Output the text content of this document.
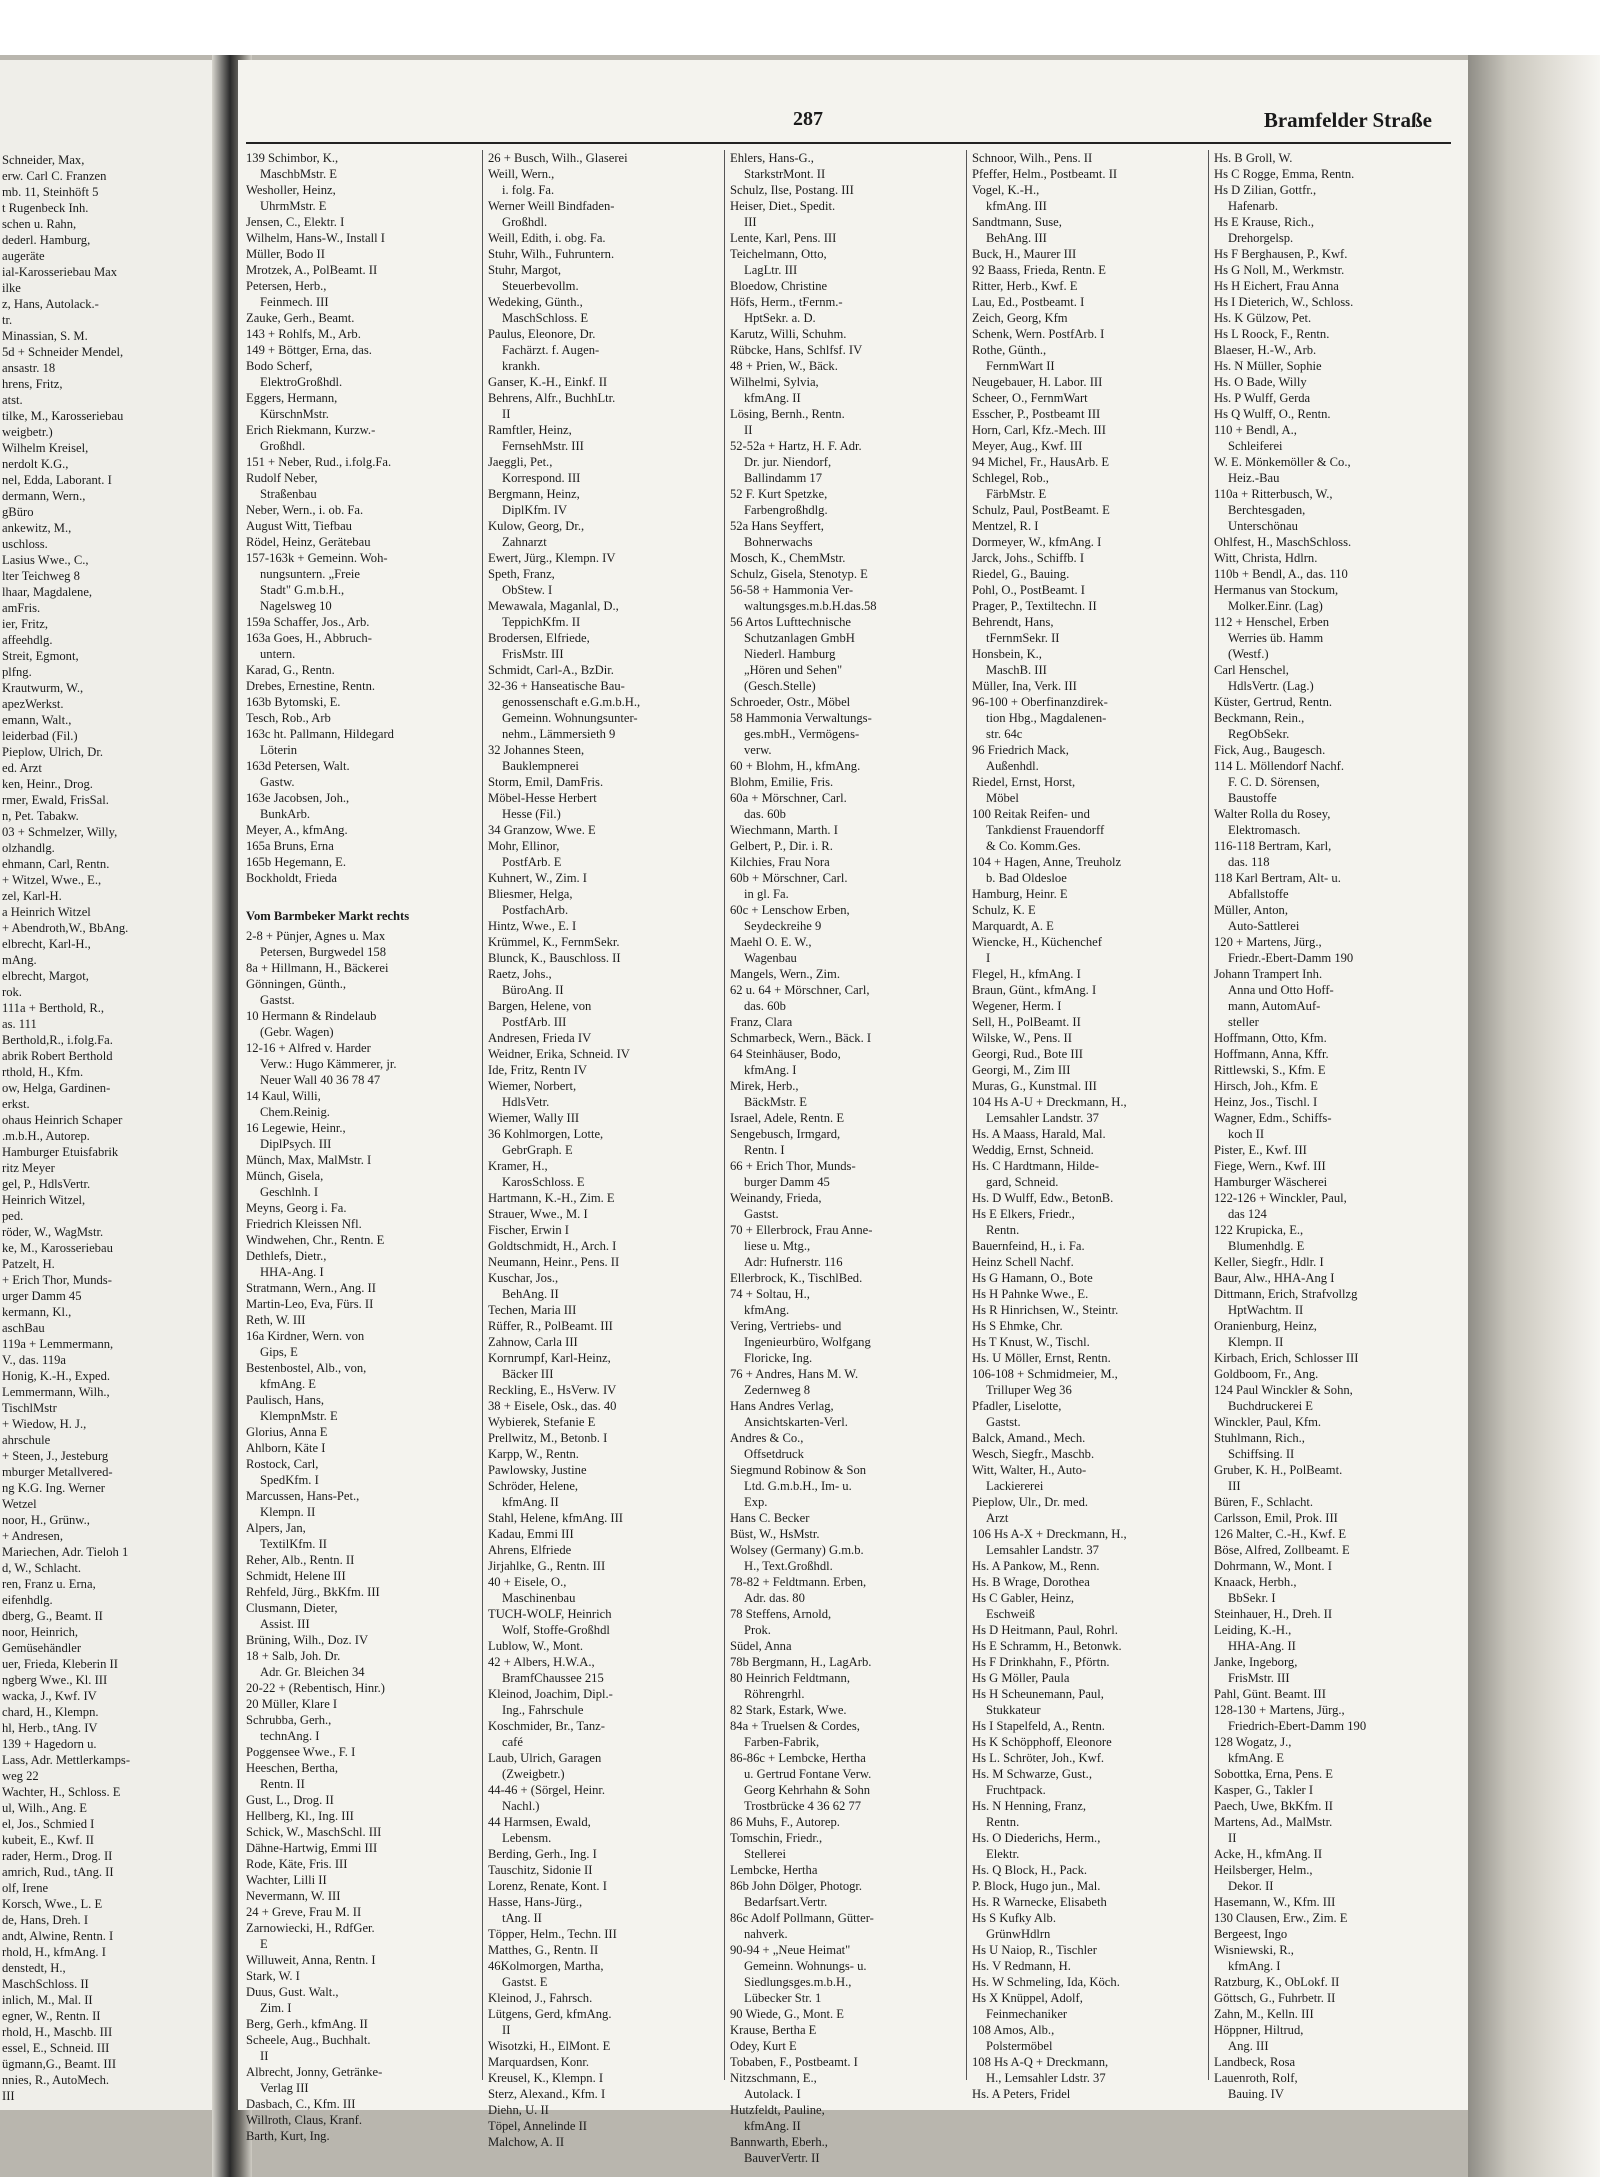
Schneider, Max,
erw. Carl C. Franzen
mb. 11, Steinhöft 5
t Rugenbeck Inh.
schen u. Rahn,
dederl. Hamburg,
augeräte
ial-Karosseriebau Max
ilke
z, Hans, Autolack.-
tr.
Minassian, S. M.
5d + Schneider Mendel,
ansastr. 18
hrens, Fritz,
atst.
tilke, M., Karosseriebau
weigbetr.)
Wilhelm Kreisel,
nerdolt K.G.,
nel, Edda, Laborant. I
dermann, Wern.,
gBüro
ankewitz, M.,
uschloss.
Lasius Wwe., C.,
lter Teichweg 8
lhaar, Magdalene,
amFris.
ier, Fritz,
affeehdlg.
Streit, Egmont,
plfng.
Krautwurm, W.,
apezWerkst.
emann, Walt.,
leiderbad (Fil.)
Pieplow, Ulrich, Dr.
ed. Arzt
ken, Heinr., Drog.
rmer, Ewald, FrisSal.
n, Pet. Tabakw.
03 + Schmelzer, Willy,
olzhandlg.
ehmann, Carl, Rentn.
+ Witzel, Wwe., E.,
zel, Karl-H.
a Heinrich Witzel
+ Abendroth,W., BbAng.
elbrecht, Karl-H.,
mAng.
elbrecht, Margot,
rok.
111a + Berthold, R.,
as. 111
Berthold,R., i.folg.Fa.
abrik Robert Berthold
rthold, H., Kfm.
ow, Helga, Gardinen-
erkst.
ohaus Heinrich Schaper
.m.b.H., Autorep.
Hamburger Etuisfabrik
ritz Meyer
gel, P., HdlsVertr.
Heinrich Witzel,
ped.
röder, W., WagMstr.
ke, M., Karosseriebau
Patzelt, H.
+ Erich Thor, Munds-
urger Damm 45
kermann, Kl.,
aschBau
119a + Lemmermann,
V., das. 119a
Honig, K.-H., Exped.
Lemmermann, Wilh.,
TischlMstr
+ Wiedow, H. J.,
ahrschule
+ Steen, J., Jesteburg
mburger Metallvered-
ng K.G. Ing. Werner
Wetzel
noor, H., Grünw.,
+ Andresen,
Mariechen, Adr. Tieloh 1
d, W., Schlacht.
ren, Franz u. Erna,
eifenhdlg.
dberg, G., Beamt. II
noor, Heinrich,
Gemüsehändler
uer, Frieda, Kleberin II
ngberg Wwe., Kl. III
wacka, J., Kwf. IV
chard, H., Klempn.
hl, Herb., tAng. IV
139 + Hagedorn u.
Lass, Adr. Mettlerkamps-
weg 22
Wachter, H., Schloss. E
ul, Wilh., Ang. E
el, Jos., Schmied I
kubeit, E., Kwf. II
rader, Herm., Drog. II
amrich, Rud., tAng. II
olf, Irene
Korsch, Wwe., L. E
de, Hans, Dreh. I
andt, Alwine, Rentn. I
rhold, H., kfmAng. I
denstedt, H.,
MaschSchloss. II
inlich, M., Mal. II
egner, W., Rentn. II
rhold, H., Maschb. III
essel, E., Schneid. III
ügmann,G., Beamt. III
nnies, R., AutoMech.
III
287	Bramfelder Straße
139 Schimbor, K.,
MaschbMstr. E
Wesholler, Heinz,
UhrmMstr. E
Jensen, C., Elektr. I
Wilhelm, Hans-W., Install I
Müller, Bodo II
Mrotzek, A., PolBeamt. II
Petersen, Herb.,
Feinmech. III
Zauke, Gerh., Beamt.
143 + Rohlfs, M., Arb.
149 + Böttger, Erna, das.
Bodo Scherf,
ElektroGroßhdl.
Eggers, Hermann,
KürschnMstr.
Erich Riekmann, Kurzw.-
Großhdl.
151 + Neber, Rud., i.folg.Fa.
Rudolf Neber,
Straßenbau
Neber, Wern., i. ob. Fa.
August Witt, Tiefbau
Rödel, Heinz, Gerätebau
157-163k + Gemeinn. Woh-
nungsuntern. „Freie
Stadt" G.m.b.H.,
Nagelsweg 10
159a Schaffer, Jos., Arb.
163a Goes, H., Abbruch-
untern.
Karad, G., Rentn.
Drebes, Ernestine, Rentn.
163b Bytomski, E.
Tesch, Rob., Arb
163c ht. Pallmann, Hildegard
Löterin
163d Petersen, Walt.
Gastw.
163e Jacobsen, Joh.,
BunkArb.
Meyer, A., kfmAng.
165a Bruns, Erna
165b Hegemann, E.
Bockholdt, Frieda

Vom Barmbeker Markt rechts
2-8 + Pünjer, Agnes u. Max
Petersen, Burgwedel 158
8a + Hillmann, H., Bäckerei
Gönningen, Günth.,
Gastst.
10 Hermann & Rindelaub
(Gebr. Wagen)
12-16 + Alfred v. Harder
Verw.: Hugo Kämmerer, jr.
Neuer Wall 40 36 78 47
14 Kaul, Willi,
Chem.Reinig.
16 Legewie, Heinr.,
DiplPsych. III
Münch, Max, MalMstr. I
Münch, Gisela,
Geschlnh. I
Meyns, Georg i. Fa.
Friedrich Kleissen Nfl.
Windwehen, Chr., Rentn. E
Dethlefs, Dietr.,
HHA-Ang. I
Stratmann, Wern., Ang. II
Martin-Leo, Eva, Fürs. II
Reth, W. III
16a Kirdner, Wern. von
Gips, E
Bestenbostel, Alb., von,
kfmAng. E
Paulisch, Hans,
KlempnMstr. E
Glorius, Anna E
Ahlborn, Käte I
Rostock, Carl,
SpedKfm. I
Marcussen, Hans-Pet.,
Klempn. II
Alpers, Jan,
TextilKfm. II
Reher, Alb., Rentn. II
Schmidt, Helene III
Rehfeld, Jürg., BkKfm. III
Clusmann, Dieter,
Assist. III
Brüning, Wilh., Doz. IV
18 + Salb, Joh. Dr.
Adr. Gr. Bleichen 34
20-22 + (Rebentisch, Hinr.)
20 Müller, Klare I
Schrubba, Gerh.,
technAng. I
Poggensee Wwe., F. I
Heeschen, Bertha,
Rentn. II
Gust, L., Drog. II
Hellberg, Kl., Ing. III
Schick, W., MaschSchl. III
Dähne-Hartwig, Emmi III
Rode, Käte, Fris. III
Wachter, Lilli II
Nevermann, W. III
24 + Greve, Frau M. II
Zarnowiecki, H., RdfGer.
E
Willuweit, Anna, Rentn. I
Stark, W. I
Duus, Gust. Walt.,
Zim. I
Berg, Gerh., kfmAng. II
Scheele, Aug., Buchhalt.
II
Albrecht, Jonny, Getränke-
Verlag III
Dasbach, C., Kfm. III
Willroth, Claus, Kranf.
Barth, Kurt, Ing.
26 + Busch, Wilh., Glaserei
Weill, Wern.,
i. folg. Fa.
Werner Weill Bindfaden-
Großhdl.
Weill, Edith, i. obg. Fa.
Stuhr, Wilh., Fuhruntern.
Stuhr, Margot,
Steuerbevollm.
Wedeking, Günth.,
MaschSchloss. E
Paulus, Eleonore, Dr.
Fachärzt. f. Augen-
krankh.
Ganser, K.-H., Einkf. II
Behrens, Alfr., BuchhLtr.
II
Ramftler, Heinz,
FernsehMstr. III
Jaeggli, Pet.,
Korrespond. III
Bergmann, Heinz,
DiplKfm. IV
Kulow, Georg, Dr.,
Zahnarzt
Ewert, Jürg., Klempn. IV
Speth, Franz,
ObStew. I
Mewawala, Maganlal, D.,
TeppichKfm. II
Brodersen, Elfriede,
FrisMstr. III
Schmidt, Carl-A., BzDir.
32-36 + Hanseatische Bau-
genossenschaft e.G.m.b.H.,
Gemeinn. Wohnungsunter-
nehm., Lämmersieth 9
32 Johannes Steen,
Bauklempnerei
Storm, Emil, DamFris.
Möbel-Hesse Herbert
Hesse (Fil.)
34 Granzow, Wwe. E
Mohr, Ellinor,
PostfArb. E
Kuhnert, W., Zim. I
Bliesmer, Helga,
PostfachArb.
Hintz, Wwe., E. I
Krümmel, K., FernmSekr.
Blunck, K., Bauschloss. II
Raetz, Johs.,
BüroAng. II
Bargen, Helene, von
PostfArb. III
Andresen, Frieda IV
Weidner, Erika, Schneid. IV
Ide, Fritz, Rentn IV
Wiemer, Norbert,
HdlsVetr.
Wiemer, Wally III
36 Kohlmorgen, Lotte,
GebrGraph. E
Kramer, H.,
KarosSchloss. E
Hartmann, K.-H., Zim. E
Strauer, Wwe., M. I
Fischer, Erwin I
Goldtschmidt, H., Arch. I
Neumann, Heinr., Pens. II
Kuschar, Jos.,
BehAng. II
Techen, Maria III
Rüffer, R., PolBeamt. III
Zahnow, Carla III
Kornrumpf, Karl-Heinz,
Bäcker III
Reckling, E., HsVerw. IV
38 + Eisele, Osk., das. 40
Wybierek, Stefanie E
Prellwitz, M., Betonb. I
Karpp, W., Rentn.
Pawlowsky, Justine
Schröder, Helene,
kfmAng. II
Stahl, Helene, kfmAng. III
Kadau, Emmi III
Ahrens, Elfriede
Jirjahlke, G., Rentn. III
40 + Eisele, O.,
Maschinenbau
TUCH-WOLF, Heinrich
Wolf, Stoffe-Großhdl
Lublow, W., Mont.
42 + Albers, H.W.A.,
BramfChaussee 215
Kleinod, Joachim, Dipl.-
Ing., Fahrschule
Koschmider, Br., Tanz-
café
Laub, Ulrich, Garagen
(Zweigbetr.)
44-46 + (Sörgel, Heinr.
Nachl.)
44 Harmsen, Ewald,
Lebensm.
Berding, Gerh., Ing. I
Tauschitz, Sidonie II
Lorenz, Renate, Kont. I
Hasse, Hans-Jürg.,
tAng. II
Töpper, Helm., Techn. III
Matthes, G., Rentn. II
46Kolmorgen, Martha,
Gastst. E
Kleinod, J., Fahrsch.
Lütgens, Gerd, kfmAng.
II
Wisotzki, H., ElMont. E
Marquardsen, Konr.
Kreusel, K., Klempn. I
Sterz, Alexand., Kfm. I
Diehn, U. II
Töpel, Annelinde II
Malchow, A. II
Ehlers, Hans-G.,
StarkstrMont. II
Schulz, Ilse, Postang. III
Heiser, Diet., Spedit.
III
Lente, Karl, Pens. III
Teichelmann, Otto,
LagLtr. III
Bloedow, Christine
Höfs, Herm., tFernm.-
HptSekr. a. D.
Karutz, Willi, Schuhm.
Rübcke, Hans, Schlfsf. IV
48 + Prien, W., Bäck.
Wilhelmi, Sylvia,
kfmAng. II
Lösing, Bernh., Rentn.
II
52-52a + Hartz, H. F. Adr.
Dr. jur. Niendorf,
Ballindamm 17
52 F. Kurt Spetzke,
Farbengroßhdlg.
52a Hans Seyffert,
Bohnerwachs
Mosch, K., ChemMstr.
Schulz, Gisela, Stenotyp. E
56-58 + Hammonia Ver-
waltungsges.m.b.H.das.58
56 Artos Lufttechnische
Schutzanlagen GmbH
Niederl. Hamburg
„Hören und Sehen"
(Gesch.Stelle)
Schroeder, Ostr., Möbel
58 Hammonia Verwaltungs-
ges.mbH., Vermögens-
verw.
60 + Blohm, H., kfmAng.
Blohm, Emilie, Fris.
60a + Mörschner, Carl.
das. 60b
Wiechmann, Marth. I
Gelbert, P., Dir. i. R.
Kilchies, Frau Nora
60b + Mörschner, Carl.
in gl. Fa.
60c + Lenschow Erben,
Seydeckreihe 9
Maehl O. E. W.,
Wagenbau
Mangels, Wern., Zim.
62 u. 64 + Mörschner, Carl,
das. 60b
Franz, Clara
Schmarbeck, Wern., Bäck. I
64 Steinhäuser, Bodo,
kfmAng. I
Mirek, Herb.,
BäckMstr. E
Israel, Adele, Rentn. E
Sengebusch, Irmgard,
Rentn. I
66 + Erich Thor, Munds-
burger Damm 45
Weinandy, Frieda,
Gastst.
70 + Ellerbrock, Frau Anne-
liese u. Mtg.,
Adr: Hufnerstr. 116
Ellerbrock, K., TischlBed.
74 + Soltau, H.,
kfmAng.
Vering, Vertriebs- und
Ingenieurbüro, Wolfgang
Floricke, Ing.
76 + Andres, Hans M. W.
Zedernweg 8
Hans Andres Verlag,
Ansichtskarten-Verl.
Andres & Co.,
Offsetdruck
Siegmund Robinow & Son
Ltd. G.m.b.H., Im- u.
Exp.
Hans C. Becker
Büst, W., HsMstr.
Wolsey (Germany) G.m.b.
H., Text.Großhdl.
78-82 + Feldtmann. Erben,
Adr. das. 80
78 Steffens, Arnold,
Prok.
Südel, Anna
78b Bergmann, H., LagArb.
80 Heinrich Feldtmann,
Röhrengrhl.
82 Stark, Estark, Wwe.
84a + Truelsen & Cordes,
Farben-Fabrik,
86-86c + Lembcke, Hertha
u. Gertrud Fontane Verw.
Georg Kehrhahn & Sohn
Trostbrücke 4 36 62 77
86 Muhs, F., Autorep.
Tomschin, Friedr.,
Stellerei
Lembcke, Hertha
86b John Dölger, Photogr.
Bedarfsart.Vertr.
86c Adolf Pollmann, Gütter-
nahverk.
90-94 + „Neue Heimat"
Gemeinn. Wohnungs- u.
Siedlungsges.m.b.H.,
Lübecker Str. 1
90 Wiede, G., Mont. E
Krause, Bertha E
Odey, Kurt E
Tobaben, F., Postbeamt. I
Nitzschmann, E.,
Autolack. I
Hutzfeldt, Pauline,
kfmAng. II
Bannwarth, Eberh.,
BauverVertr. II
Schnoor, Wilh., Pens. II
Pfeffer, Helm., Postbeamt. II
Vogel, K.-H.,
kfmAng. III
Sandtmann, Suse,
BehAng. III
Buck, H., Maurer III
92 Baass, Frieda, Rentn. E
Ritter, Herb., Kwf. E
Lau, Ed., Postbeamt. I
Zeich, Georg, Kfm
Schenk, Wern. PostfArb. I
Rothe, Günth.,
FernmWart II
Neugebauer, H. Labor. III
Scheer, O., FernmWart
Esscher, P., Postbeamt III
Horn, Carl, Kfz.-Mech. III
Meyer, Aug., Kwf. III
94 Michel, Fr., HausArb. E
Schlegel, Rob.,
FärbMstr. E
Schulz, Paul, PostBeamt. E
Mentzel, R. I
Dormeyer, W., kfmAng. I
Jarck, Johs., Schiffb. I
Riedel, G., Bauing.
Pohl, O., PostBeamt. I
Prager, P., Textiltechn. II
Behrendt, Hans,
tFernmSekr. II
Honsbein, K.,
MaschB. III
Müller, Ina, Verk. III
96-100 + Oberfinanzdirek-
tion Hbg., Magdalenen-
str. 64c
96 Friedrich Mack,
Außenhdl.
Riedel, Ernst, Horst,
Möbel
100 Reitak Reifen- und
Tankdienst Frauendorff
& Co. Komm.Ges.
104 + Hagen, Anne, Treuholz
b. Bad Oldesloe
Hamburg, Heinr. E
Schulz, K. E
Marquardt, A. E
Wiencke, H., Küchenchef
I
Flegel, H., kfmAng. I
Braun, Günt., kfmAng. I
Wegener, Herm. I
Sell, H., PolBeamt. II
Wilske, W., Pens. II
Georgi, Rud., Bote III
Georgi, M., Zim III
Muras, G., Kunstmal. III
104 Hs A-U + Dreckmann, H.,
Lemsahler Landstr. 37
Hs. A Maass, Harald, Mal.
Weddig, Ernst, Schneid.
Hs. C Hardtmann, Hilde-
gard, Schneid.
Hs. D Wulff, Edw., BetonB.
Hs E Elkers, Friedr.,
Rentn.
Bauernfeind, H., i. Fa.
Heinz Schell Nachf.
Hs G Hamann, O., Bote
Hs H Pahnke Wwe., E.
Hs R Hinrichsen, W., Steintr.
Hs S Ehmke, Chr.
Hs T Knust, W., Tischl.
Hs. U Möller, Ernst, Rentn.
106-108 + Schmidmeier, M.,
Trilluper Weg 36
Pfadler, Liselotte,
Gastst.
Balck, Amand., Mech.
Wesch, Siegfr., Maschb.
Witt, Walter, H., Auto-
Lackiererei
Pieplow, Ulr., Dr. med.
Arzt
106 Hs A-X + Dreckmann, H.,
Lemsahler Landstr. 37
Hs. A Pankow, M., Renn.
Hs. B Wrage, Dorothea
Hs C Gabler, Heinz,
Eschweiß
Hs D Heitmann, Paul, Rohrl.
Hs E Schramm, H., Betonwk.
Hs F Drinkhahn, F., Pförtn.
Hs G Möller, Paula
Hs H Scheunemann, Paul,
Stukkateur
Hs I Stapelfeld, A., Rentn.
Hs K Schöpphoff, Eleonore
Hs L. Schröter, Joh., Kwf.
Hs. M Schwarze, Gust.,
Fruchtpack.
Hs. N Henning, Franz,
Rentn.
Hs. O Diederichs, Herm.,
Elektr.
Hs. Q Block, H., Pack.
P. Block, Hugo jun., Mal.
Hs. R Warnecke, Elisabeth
Hs S Kufky Alb.
GrünwHdlrn
Hs U Naiop, R., Tischler
Hs. V Redmann, H.
Hs. W Schmeling, Ida, Köch.
Hs X Knüppel, Adolf,
Feinmechaniker
108 Amos, Alb.,
Polstermöbel
108 Hs A-Q + Dreckmann,
H., Lemsahler Ldstr. 37
Hs. A Peters, Fridel
Hs. B Groll, W.
Hs C Rogge, Emma, Rentn.
Hs D Zilian, Gottfr.,
Hafenarb.
Hs E Krause, Rich.,
Drehorgelsp.
Hs F Berghausen, P., Kwf.
Hs G Noll, M., Werkmstr.
Hs H Eichert, Frau Anna
Hs I Dieterich, W., Schloss.
Hs. K Gülzow, Pet.
Hs L Roock, F., Rentn.
Blaeser, H.-W., Arb.
Hs. N Müller, Sophie
Hs. O Bade, Willy
Hs. P Wulff, Gerda
Hs Q Wulff, O., Rentn.
110 + Bendl, A.,
Schleiferei
W. E. Mönkemöller & Co.,
Heiz.-Bau
110a + Ritterbusch, W.,
Berchtesgaden,
Unterschönau
Ohlfest, H., MaschSchloss.
Witt, Christa, Hdlrn.
110b + Bendl, A., das. 110
Hermanus van Stockum,
Molker.Einr. (Lag)
112 + Henschel, Erben
Werries üb. Hamm
(Westf.)
Carl Henschel,
HdlsVertr. (Lag.)
Küster, Gertrud, Rentn.
Beckmann, Rein.,
RegObSekr.
Fick, Aug., Baugesch.
114 L. Möllendorf Nachf.
F. C. D. Sörensen,
Baustoffe
Walter Rolla du Rosey,
Elektromasch.
116-118 Bertram, Karl,
das. 118
118 Karl Bertram, Alt- u.
Abfallstoffe
Müller, Anton,
Auto-Sattlerei
120 + Martens, Jürg.,
Friedr.-Ebert-Damm 190
Johann Trampert Inh.
Anna und Otto Hoff-
mann, AutomAuf-
steller
Hoffmann, Otto, Kfm.
Hoffmann, Anna, Kffr.
Rittlewski, S., Kfm. E
Hirsch, Joh., Kfm. E
Heinz, Jos., Tischl. I
Wagner, Edm., Schiffs-
koch II
Pister, E., Kwf. III
Fiege, Wern., Kwf. III
Hamburger Wäscherei
122-126 + Winckler, Paul,
das 124
122 Krupicka, E.,
Blumenhdlg. E
Keller, Siegfr., Hdlr. I
Baur, Alw., HHA-Ang I
Dittmann, Erich, Strafvollzg
HptWachtm. II
Oranienburg, Heinz,
Klempn. II
Kirbach, Erich, Schlosser III
Goldboom, Fr., Ang.
124 Paul Winckler & Sohn,
Buchdruckerei E
Winckler, Paul, Kfm.
Stuhlmann, Rich.,
Schiffsing. II
Gruber, K. H., PolBeamt.
III
Büren, F., Schlacht.
Carlsson, Emil, Prok. III
126 Malter, C.-H., Kwf. E
Böse, Alfred, Zollbeamt. E
Dohrmann, W., Mont. I
Knaack, Herbh.,
BbSekr. I
Steinhauer, H., Dreh. II
Leiding, K.-H.,
HHA-Ang. II
Janke, Ingeborg,
FrisMstr. III
Pahl, Günt. Beamt. III
128-130 + Martens, Jürg.,
Friedrich-Ebert-Damm 190
128 Wogatz, J.,
kfmAng. E
Sobottka, Erna, Pens. E
Kasper, G., Takler I
Paech, Uwe, BkKfm. II
Martens, Ad., MalMstr.
II
Acke, H., kfmAng. II
Heilsberger, Helm.,
Dekor. II
Hasemann, W., Kfm. III
130 Clausen, Erw., Zim. E
Bergeest, Ingo
Wisniewski, R.,
kfmAng. I
Ratzburg, K., ObLokf. II
Göttsch, G., Fuhrbetr. II
Zahn, M., Kelln. III
Höppner, Hiltrud,
Ang. III
Landbeck, Rosa
Lauenroth, Rolf,
Bauing. IV
